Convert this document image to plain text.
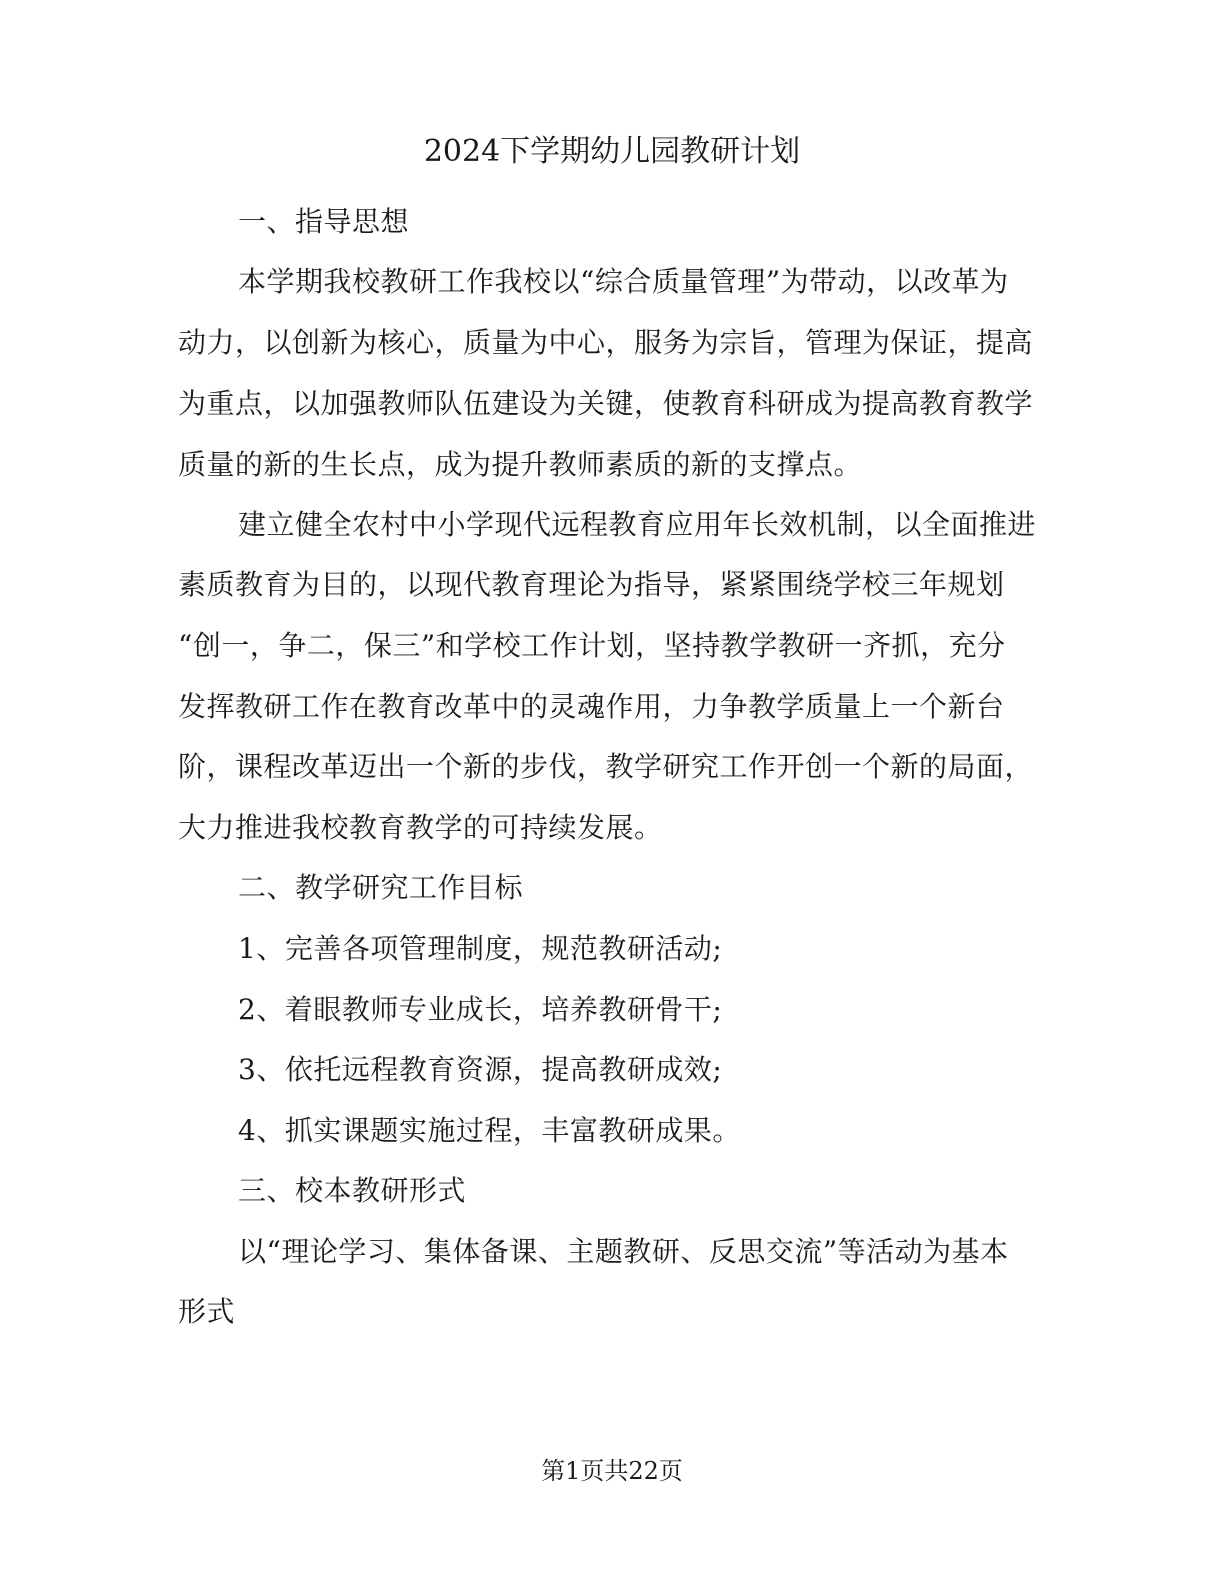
2024下学期幼儿园教研计划
一、指导思想
本学期我校教研工作我校以“综合质量管理”为带动，以改革为
动力，以创新为核心，质量为中心，服务为宗旨，管理为保证，提高
为重点，以加强教师队伍建设为关键，使教育科研成为提高教育教学
质量的新的生长点，成为提升教师素质的新的支撑点。
建立健全农村中小学现代远程教育应用年长效机制，以全面推进
素质教育为目的，以现代教育理论为指导，紧紧围绕学校三年规划
“创一，争二，保三”和学校工作计划，坚持教学教研一齐抓，充分
发挥教研工作在教育改革中的灵魂作用，力争教学质量上一个新台
阶，课程改革迈出一个新的步伐，教学研究工作开创一个新的局面，
大力推进我校教育教学的可持续发展。
二、教学研究工作目标
1、完善各项管理制度，规范教研活动;
2、着眼教师专业成长，培养教研骨干;
3、依托远程教育资源，提高教研成效;
4、抓实课题实施过程，丰富教研成果。
三、校本教研形式
以“理论学习、集体备课、主题教研、反思交流”等活动为基本
形式
第1页共22页
